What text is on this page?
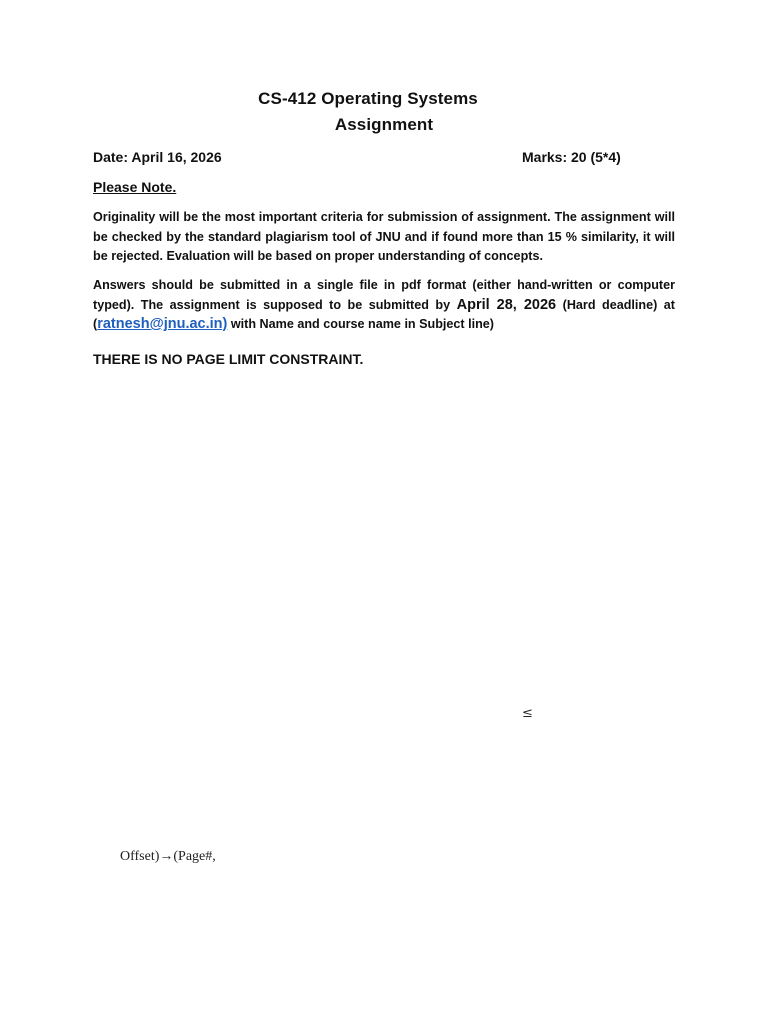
CS-412 Operating Systems
Assignment
Date: April 16, 2026	Marks: 20 (5*4)
Please Note.
Originality will be the most important criteria for submission of assignment. The assignment will be checked by the standard plagiarism tool of JNU and if found more than 15 % similarity, it will be rejected. Evaluation will be based on proper understanding of concepts.
Answers should be submitted in a single file in pdf format (either hand-written or computer typed). The assignment is supposed to be submitted by April 28, 2026 (Hard deadline) at (ratnesh@jnu.ac.in) with Name and course name in Subject line)
THERE IS NO PAGE LIMIT CONSTRAINT.
≤
Offset)→(Page#,
